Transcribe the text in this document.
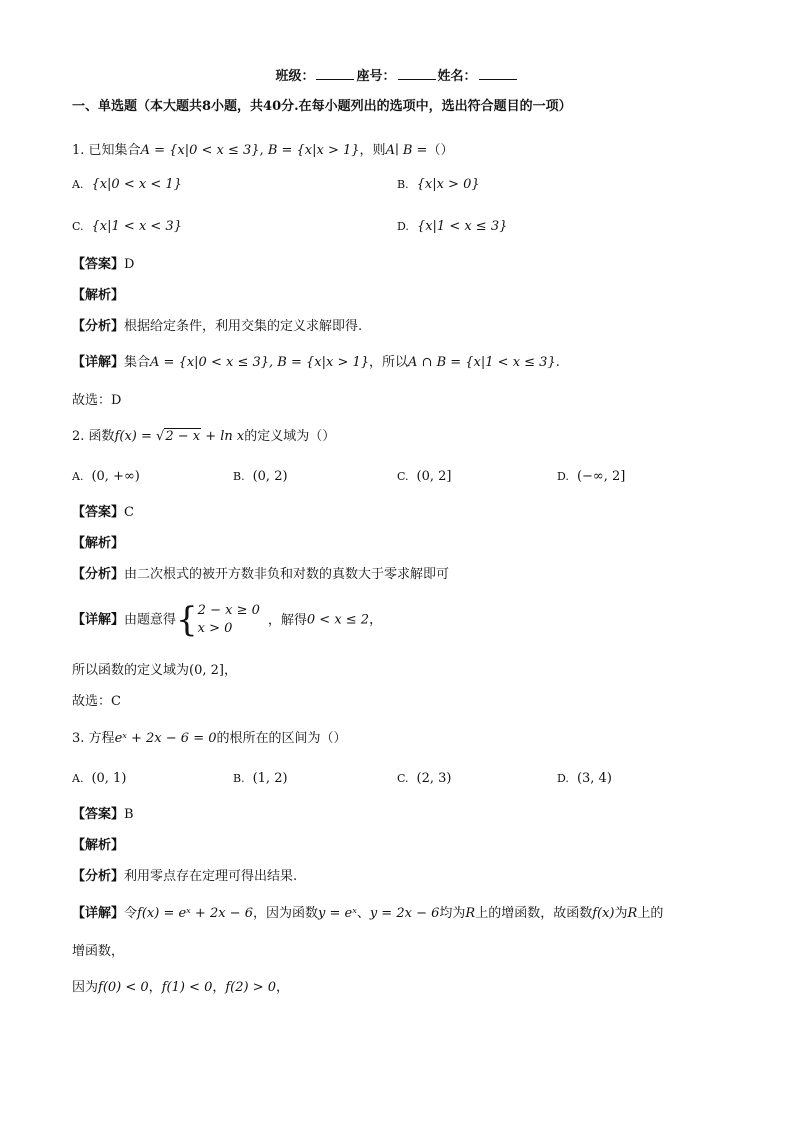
班级：	座号：	姓名：
一、单选题（本大题共8小题，共40分.在每小题列出的选项中，选出符合题目的一项）
1. 已知集合A = {x|0 < x ≤ 3}, B = {x|x > 1}，则A∣ B =（）
A. {x|0 < x < 1}	B. {x|x > 0}
C. {x|1 < x < 3}	D. {x|1 < x ≤ 3}
【答案】D
【解析】
【分析】根据给定条件，利用交集的定义求解即得.
【详解】集合A = {x|0 < x ≤ 3}, B = {x|x > 1}，所以A ∩ B = {x|1 < x ≤ 3}.
故选：D
2. 函数f(x) = √2 − x + ln x的定义域为（）
A. (0, +∞)	B. (0, 2)	C. (0, 2]	D. (−∞, 2]
【答案】C
【解析】
【分析】由二次根式的被开方数非负和对数的真数大于零求解即可
【详解】由题意得{2 − x ≥ 0
x > 0，解得0 < x ≤ 2，
所以函数的定义域为(0, 2]，
故选：C
3. 方程eˣ + 2x − 6 = 0的根所在的区间为（）
A. (0, 1)	B. (1, 2)	C. (2, 3)	D. (3, 4)
【答案】B
【解析】
【分析】利用零点存在定理可得出结果.
【详解】令f(x) = eˣ + 2x − 6，因为函数y = eˣ、y = 2x − 6均为R上的增函数，故函数f(x)为R上的
增函数，
因为f(0) < 0，f(1) < 0，f(2) > 0，
